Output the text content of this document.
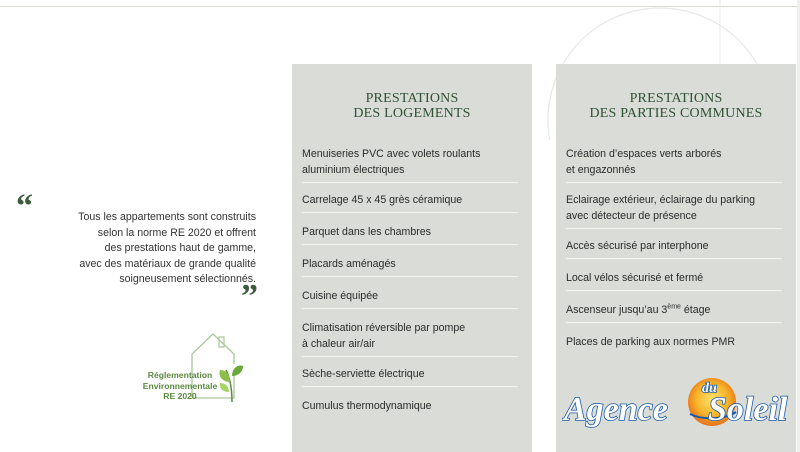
“	Tous les appartements sont construits
selon la norme RE 2020 et offrent
des prestations haut de gamme,
avec des matériaux de grande qualité
soigneusement sélectionnés.
”
Réglementation
Environnementale
RE 2020
PRESTATIONS
DES LOGEMENTS
Menuiseries PVC avec volets roulants
aluminium électriques
Carrelage 45 x 45 grès céramique
Parquet dans les chambres
Placards aménagés
Cuisine équipée
Climatisation réversible par pompe
à chaleur air/air
Sèche-serviette électrique
Cumulus thermodynamique
PRESTATIONS
DES PARTIES COMMUNES
Création d’espaces verts arborés
et engazonnés
Eclairage extérieur, éclairage du parking
avec détecteur de présence
Accès sécurisé par interphone
Local vélos sécurisé et fermé
Ascenseur jusqu’au 3ème étage
Places de parking aux normes PMR
Agence
du
Soleil
